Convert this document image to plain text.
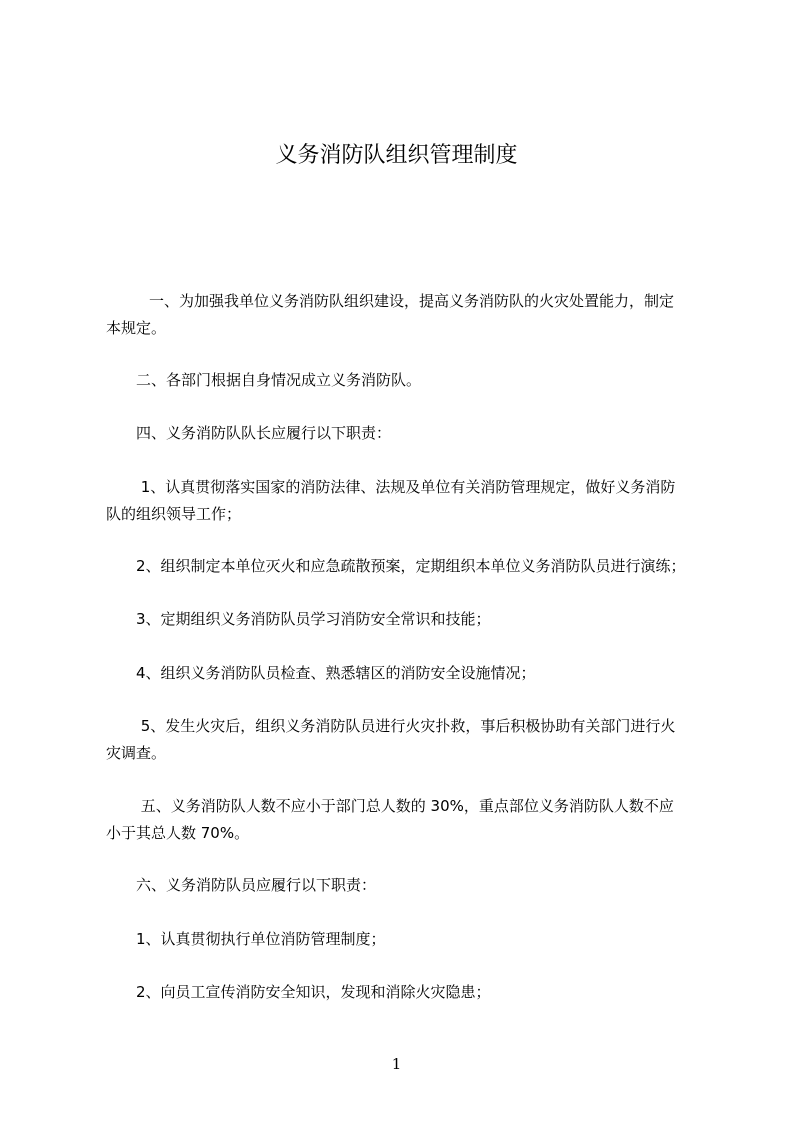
义务消防队组织管理制度

　一、为加强我单位义务消防队组织建设，提高义务消防队的火灾处置能力，制定
本规定。

　　二、各部门根据自身情况成立义务消防队。

　　四、义务消防队队长应履行以下职责：

　　 1、认真贯彻落实国家的消防法律、法规及单位有关消防管理规定，做好义务消防
队的组织领导工作；

　　2、组织制定本单位灭火和应急疏散预案，定期组织本单位义务消防队员进行演练；

　　3、定期组织义务消防队员学习消防安全常识和技能；

　　4、组织义务消防队员检查、熟悉辖区的消防安全设施情况；

　　 5、发生火灾后，组织义务消防队员进行火灾扑救，事后积极协助有关部门进行火
灾调查。

　　 五、义务消防队人数不应小于部门总人数的 30%，重点部位义务消防队人数不应
小于其总人数 70%。

　　六、义务消防队员应履行以下职责：

　　1、认真贯彻执行单位消防管理制度；

　　2、向员工宣传消防安全知识，发现和消除火灾隐患；

1
